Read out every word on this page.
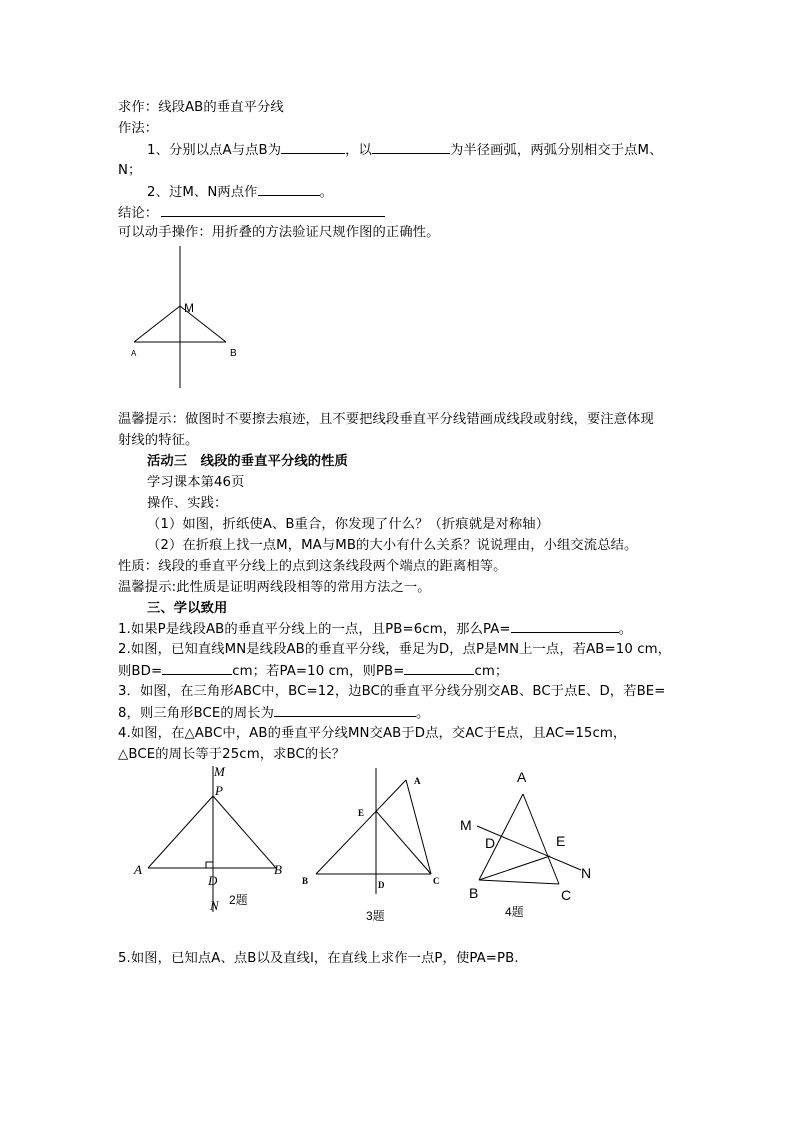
求作：线段AB的垂直平分线
作法：
1、分别以点A与点B为	，以	为半径画弧，两弧分别相交于点M、
N；
2、过M、N两点作	。
结论：
可以动手操作：用折叠的方法验证尺规作图的正确性。
M
A	B
温馨提示：做图时不要擦去痕迹，且不要把线段垂直平分线错画成线段或射线，要注意体现
射线的特征。
活动三　线段的垂直平分线的性质
学习课本第46页
操作、实践：
（1）如图，折纸使A、B重合，你发现了什么？（折痕就是对称轴）
（2）在折痕上找一点M，MA与MB的大小有什么关系？说说理由，小组交流总结。
性质：线段的垂直平分线上的点到这条线段两个端点的距离相等。
温馨提示:此性质是证明两线段相等的常用方法之一。
三、学以致用
1.如果P是线段AB的垂直平分线上的一点，且PB=6cm，那么PA=	。
2.如图，已知直线MN是线段AB的垂直平分线，垂足为D，点P是MN上一点，若AB=10 cm，
则BD=	cm；若PA=10 cm，则PB=	cm；
3．如图，在三角形ABC中，BC=12，边BC的垂直平分线分别交AB、BC于点E、D，若BE=
8，则三角形BCE的周长为	。
4.如图，在△ABC中，AB的垂直平分线MN交AB于D点，交AC于E点，且AC=15cm，
△BCE的周长等于25cm，求BC的长？
M
P
A	B
D
2题
N
A
E
B	D	C
3题
A
M
D	E
N
B	C
4题
5.如图，已知点A、点B以及直线l，在直线上求作一点P，使PA=PB.
